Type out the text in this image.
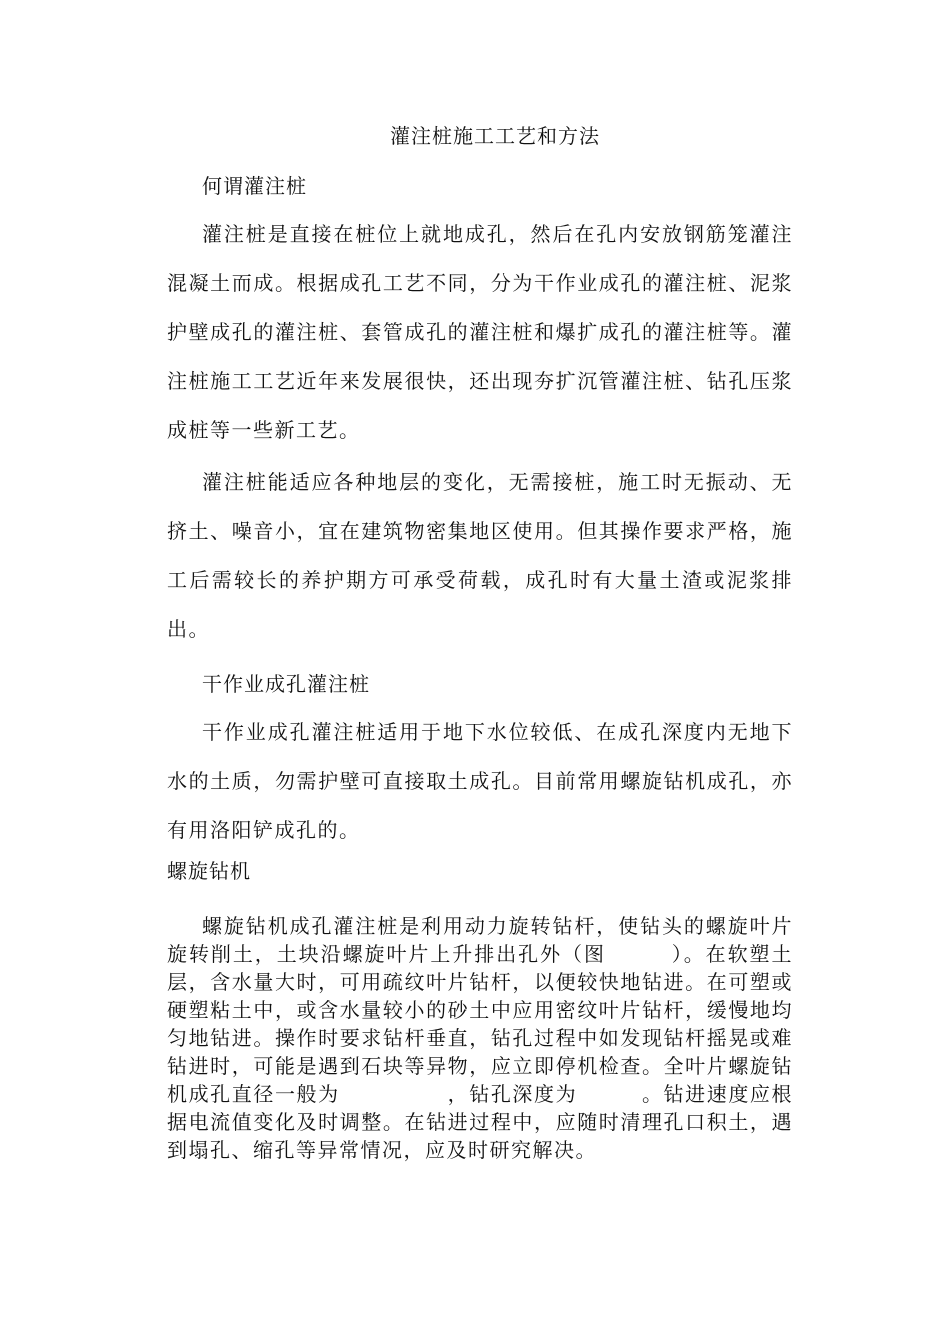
灌注桩施工工艺和方法
何谓灌注桩

灌注桩是直接在桩位上就地成孔，然后在孔内安放钢筋笼灌注混凝土而成。根据成孔工艺不同，分为干作业成孔的灌注桩、泥浆护壁成孔的灌注桩、套管成孔的灌注桩和爆扩成孔的灌注桩等。灌注桩施工工艺近年来发展很快，还出现夯扩沉管灌注桩、钻孔压浆成桩等一些新工艺。

灌注桩能适应各种地层的变化，无需接桩，施工时无振动、无挤土、噪音小，宜在建筑物密集地区使用。但其操作要求严格，施工后需较长的养护期方可承受荷载，成孔时有大量土渣或泥浆排出。

干作业成孔灌注桩

干作业成孔灌注桩适用于地下水位较低、在成孔深度内无地下水的土质，勿需护壁可直接取土成孔。目前常用螺旋钻机成孔，亦有用洛阳铲成孔的。

螺旋钻机

螺旋钻机成孔灌注桩是利用动力旋转钻杆，使钻头的螺旋叶片旋转削土，土块沿螺旋叶片上升排出孔外（图　　　）。在软塑土层，含水量大时，可用疏纹叶片钻杆，以便较快地钻进。在可塑或硬塑粘土中，或含水量较小的砂土中应用密纹叶片钻杆，缓慢地均匀地钻进。操作时要求钻杆垂直，钻孔过程中如发现钻杆摇晃或难钻进时，可能是遇到石块等异物，应立即停机检查。全叶片螺旋钻机成孔直径一般为　　　　　，钻孔深度为　　　。钻进速度应根据电流值变化及时调整。在钻进过程中，应随时清理孔口积土，遇到塌孔、缩孔等异常情况，应及时研究解决。
